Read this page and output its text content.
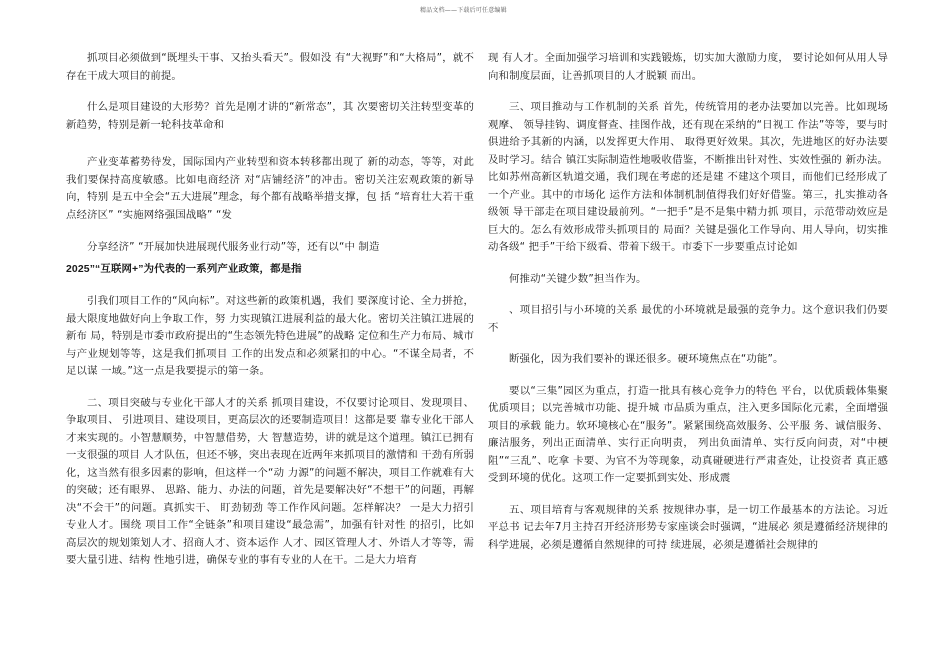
精品文档——下载后可任意编辑

抓项目必须做到“既埋头干事、又抬头看天”。假如没 有“大视野”和“大格局”，就不存在干成大项目的前提。

什么是项目建设的大形势？首先是刚才讲的“新常态”，其 次要密切关注转型变革的新趋势，特别是新一轮科技革命和

产业变革蓄势待发，国际国内产业转型和资本转移都出现了 新的动态，等等，对此我们要保持高度敏感。比如电商经济 对“店铺经济”的冲击。密切关注宏观政策的新导向，特别 是五中全会“五大进展”理念，每个都有战略举措支撑，包 括 “培育壮大若干重点经济区” “实施网络强国战略” “发

分享经济” “开展加快进展现代服务业行动”等，还有以“中 制造

2025”“互联网+”为代表的一系列产业政策，都是指

引我们项目工作的“风向标”。对这些新的政策机遇，我们 要深度讨论、全力拼抢，最大限度地做好向上争取工作，努 力实现镇江进展利益的最大化。密切关注镇江进展的新布 局，特别是市委市政府提出的“生态领先特色进展”的战略 定位和生产力布局、城市与产业规划等等，这是我们抓项目 工作的出发点和必须紧扣的中心。“不谋全局者，不足以谋 一域。”这一点是我要提示的第一条。

二、项目突破与专业化干部人才的关系 抓项目建设，不仅要讨论项目、发现项目、争取项目、 引进项目、建设项目，更高层次的还要制造项目！这都是要 靠专业化干部人才来实现的。小智慧顺势，中智慧借势，大 智慧造势，讲的就是这个道理。镇江已拥有一支很强的项目 人才队伍，但还不够，突出表现在近两年来抓项目的激情和 干劲有所弱化，这当然有很多因素的影响，但这样一个“动 力源”的问题不解决，项目工作就难有大的突破；还有眼界、 思路、能力、办法的问题，首先是要解决好“不想干”的问题，再解决“不会干”的问题。真抓实干、 盯劲韧劲 等工作作风问题。怎样解决？ 一是大力招引专业人才。围绕 项目工作“全链条”和项目建设“最急需”，加强有针对性 的招引，比如高层次的规划策划人才、招商人才、资本运作 人才、园区管理人才、外语人才等等，需要大量引进、结构 性地引进，确保专业的事有专业的人在干。二是大力培育

现 有人才。全面加强学习培训和实践锻炼，切实加大激励力度， 要讨论如何从用人导向和制度层面，让善抓项目的人才脱颖 而出。

三、项目推动与工作机制的关系 首先，传统管用的老办法要加以完善。比如现场观摩、 领导挂钩、调度督查、挂图作战，还有现在采纳的“日视工 作法”等等，要与时俱进给予其新的内涵，以发挥更大作用、 取得更好效果。其次，先进地区的好办法要及时学习。结合 镇江实际制造性地吸收借鉴，不断推出针对性、实效性强的 新办法。比如苏州高新区轨道交通，我们现在考虑的还是建 不建这个项目，而他们已经形成了一个产业。其中的市场化 运作方法和体制机制值得我们好好借鉴。第三，扎实推动各级领 导干部走在项目建设最前列。“一把手”是不是集中精力抓 项目，示范带动效应是巨大的。怎么有效形成带头抓项目的 局面？关键是强化工作导向、用人导向，切实推动各级“ 把手”干给下级看、带着下级干。市委下一步要重点讨论如

何推动“关键少数”担当作为。

、项目招引与小环境的关系 最优的小环境就是最强的竞争力。这个意识我们仍要不

断强化，因为我们要补的课还很多。硬环境焦点在“功能”。

要以“三集”园区为重点，打造一批具有核心竞争力的特色 平台，以优质载体集聚优质项目；以完善城市功能、提升城 市品质为重点，注入更多国际化元素，全面增强项目的承载 能力。软环境核心在“服务”。紧紧围绕高效服务、公平服 务、诚信服务、廉洁服务，列出正面清单、实行正向明责， 列出负面清单、实行反向问责，对“中梗阻”“三乱”、吃拿 卡要、为官不为等现象，动真碰硬进行严肃查处，让投资者 真正感受到环境的优化。这项工作一定要抓到实处、形成震

五、项目培育与客观规律的关系 按规律办事，是一切工作最基本的方法论。习近平总书 记去年7月主持召开经济形势专家座谈会时强调，“进展必 须是遵循经济规律的科学进展，必须是遵循自然规律的可持 续进展，必须是遵循社会规律的
